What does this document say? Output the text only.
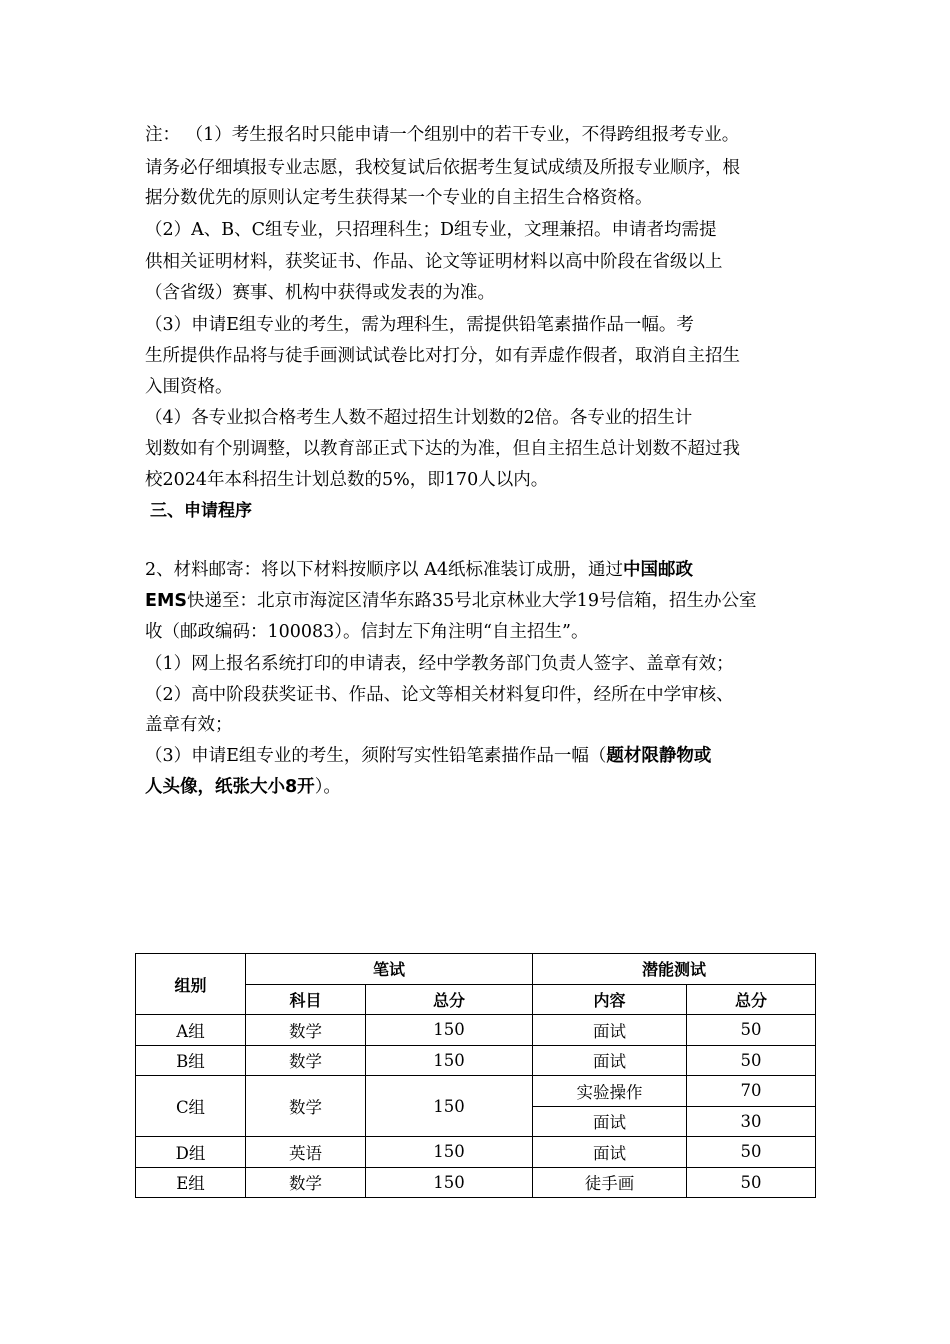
注： （1）考生报名时只能申请一个组别中的若干专业，不得跨组报考专业。
请务必仔细填报专业志愿，我校复试后依据考生复试成绩及所报专业顺序，根
据分数优先的原则认定考生获得某一个专业的自主招生合格资格。
（2）A、B、C组专业，只招理科生；D组专业，文理兼招。申请者均需提
供相关证明材料，获奖证书、作品、论文等证明材料以高中阶段在省级以上
（含省级）赛事、机构中获得或发表的为准。
（3）申请E组专业的考生，需为理科生，需提供铅笔素描作品一幅。考
生所提供作品将与徒手画测试试卷比对打分，如有弄虚作假者，取消自主招生
入围资格。
（4）各专业拟合格考生人数不超过招生计划数的2倍。各专业的招生计
划数如有个别调整，以教育部正式下达的为准，但自主招生总计划数不超过我
校2024年本科招生计划总数的5%，即170人以内。
三、申请程序
2、材料邮寄：将以下材料按顺序以 A4纸标准装订成册，通过中国邮政
EMS快递至：北京市海淀区清华东路35号北京林业大学19号信箱，招生办公室
收（邮政编码：100083）。信封左下角注明“自主招生”。
（1）网上报名系统打印的申请表，经中学教务部门负责人签字、盖章有效；
（2）高中阶段获奖证书、作品、论文等相关材料复印件，经所在中学审核、
盖章有效；
（3）申请E组专业的考生，须附写实性铅笔素描作品一幅（题材限静物或
人头像，纸张大小8开）。
组别	笔试		潜能测试	
	科目	总分	内容	总分
A组	数学	150	面试	50
B组	数学	150	面试	50
C组	数学	150	实验操作	70
			面试	30
D组	英语	150	面试	50
E组	数学	150	徒手画	50
